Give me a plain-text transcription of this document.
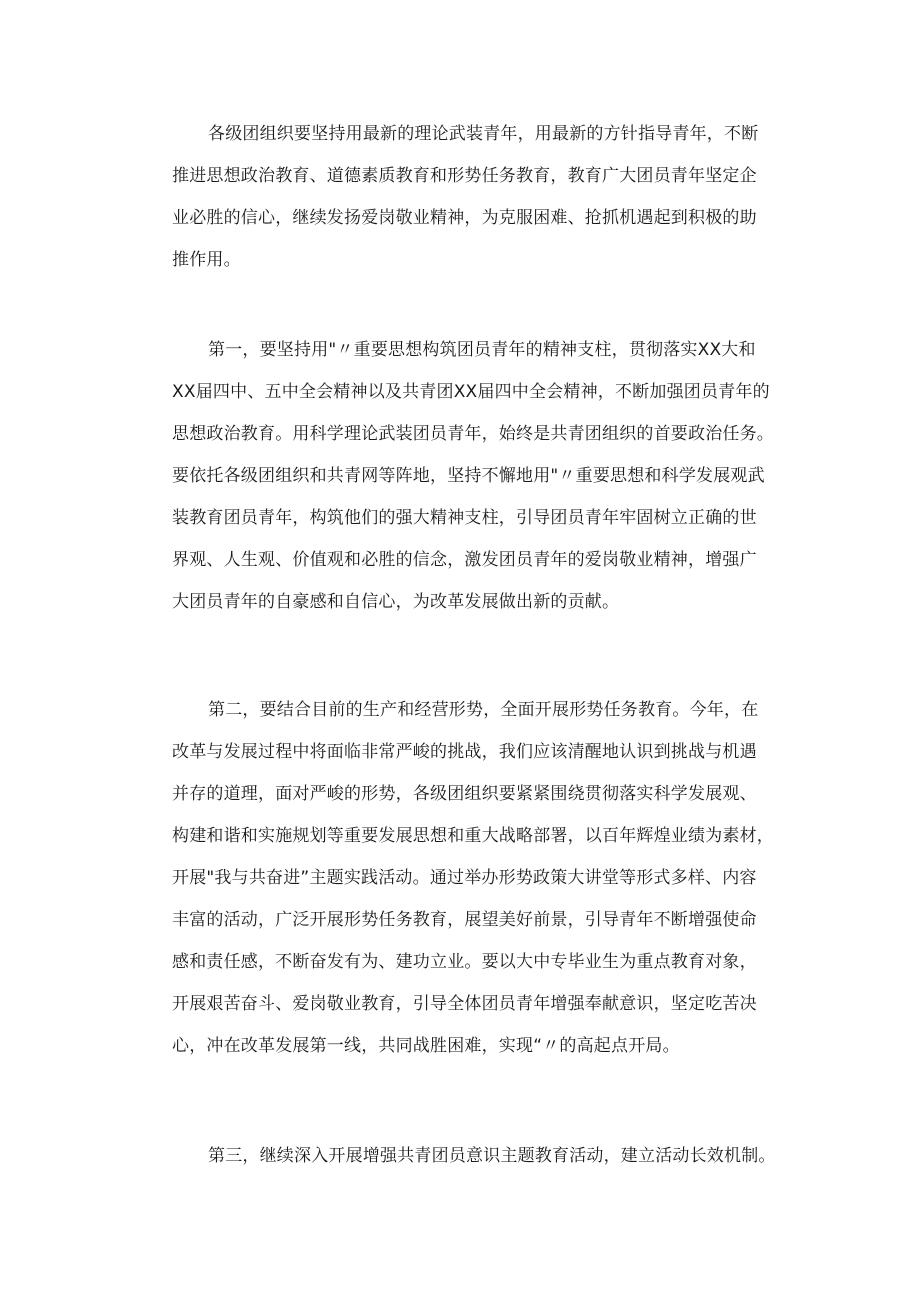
各级团组织要坚持用最新的理论武装青年，用最新的方针指导青年，不断
推进思想政治教育、道德素质教育和形势任务教育，教育广大团员青年坚定企
业必胜的信心，继续发扬爱岗敬业精神，为克服困难、抢抓机遇起到积极的助
推作用。

第一，要坚持用"〃重要思想构筑团员青年的精神支柱，贯彻落实XX大和
XX届四中、五中全会精神以及共青团XX届四中全会精神，不断加强团员青年的
思想政治教育。用科学理论武装团员青年，始终是共青团组织的首要政治任务。
要依托各级团组织和共青网等阵地，坚持不懈地用"〃重要思想和科学发展观武
装教育团员青年，构筑他们的强大精神支柱，引导团员青年牢固树立正确的世
界观、人生观、价值观和必胜的信念，激发团员青年的爱岗敬业精神，增强广
大团员青年的自豪感和自信心，为改革发展做出新的贡献。

第二，要结合目前的生产和经营形势，全面开展形势任务教育。今年，在
改革与发展过程中将面临非常严峻的挑战，我们应该清醒地认识到挑战与机遇
并存的道理，面对严峻的形势，各级团组织要紧紧围绕贯彻落实科学发展观、
构建和谐和实施规划等重要发展思想和重大战略部署，以百年辉煌业绩为素材，
开展"我与共奋进”主题实践活动。通过举办形势政策大讲堂等形式多样、内容
丰富的活动，广泛开展形势任务教育，展望美好前景，引导青年不断增强使命
感和责任感，不断奋发有为、建功立业。要以大中专毕业生为重点教育对象，
开展艰苦奋斗、爱岗敬业教育，引导全体团员青年增强奉献意识，坚定吃苦决
心，冲在改革发展第一线，共同战胜困难，实现“〃的高起点开局。

第三，继续深入开展增强共青团员意识主题教育活动，建立活动长效机制。
